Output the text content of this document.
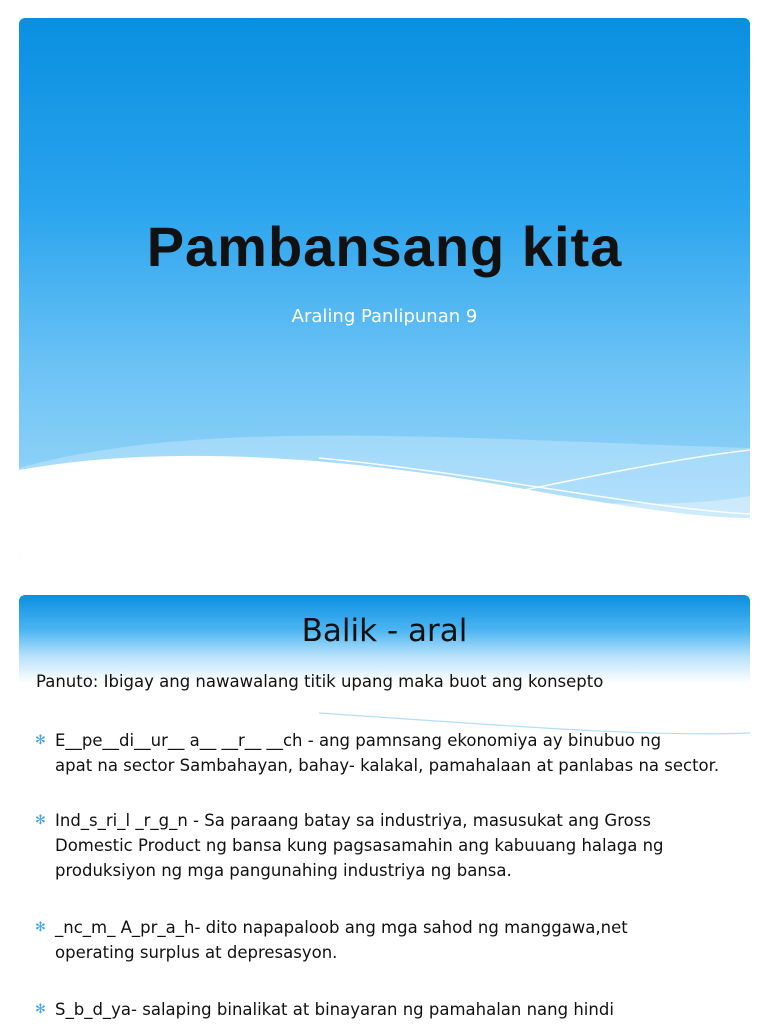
Pambansang kita
Araling Panlipunan 9
Balik - aral
Panuto: Ibigay ang nawawalang titik upang maka buot ang konsepto
✻ E__pe__di__ur__ a__ __r__ __ch - ang pamnsang ekonomiya ay binubuo ng
apat na sector Sambahayan, bahay- kalakal, pamahalaan at panlabas na sector.
✻ Ind_s_ri_l _r_g_n - Sa paraang batay sa industriya, masusukat ang Gross
Domestic Product ng bansa kung pagsasamahin ang kabuuang halaga ng
produksiyon ng mga pangunahing industriya ng bansa.
✻ _nc_m_ A_pr_a_h- dito napapaloob ang mga sahod ng manggawa,net
operating surplus at depresasyon.
✻ S_b_d_ya- salaping binalikat at binayaran ng pamahalan nang hindi
